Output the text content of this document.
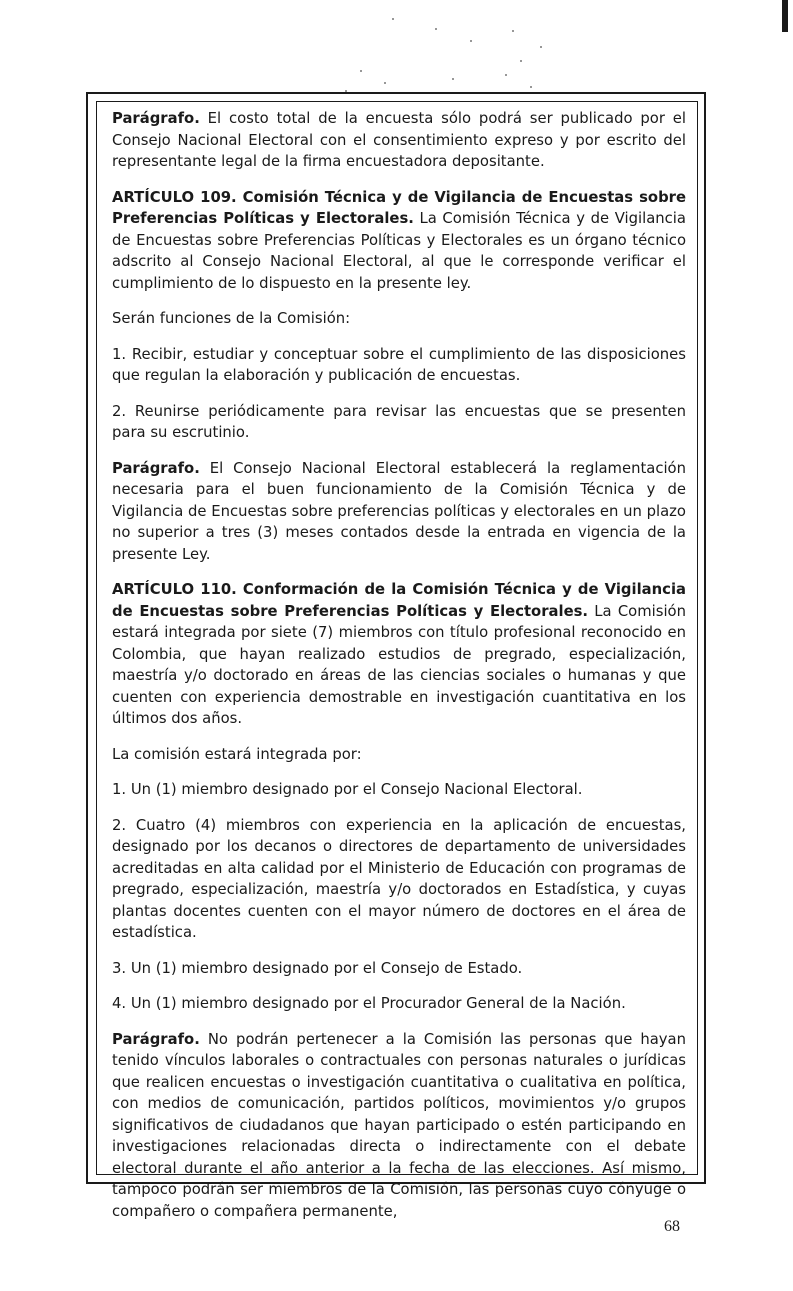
Parágrafo. El costo total de la encuesta sólo podrá ser publicado por el Consejo Nacional Electoral con el consentimiento expreso y por escrito del representante legal de la firma encuestadora depositante.

ARTÍCULO 109. Comisión Técnica y de Vigilancia de Encuestas sobre Preferencias Políticas y Electorales. La Comisión Técnica y de Vigilancia de Encuestas sobre Preferencias Políticas y Electorales es un órgano técnico adscrito al Consejo Nacional Electoral, al que le corresponde verificar el cumplimiento de lo dispuesto en la presente ley.

Serán funciones de la Comisión:

1. Recibir, estudiar y conceptuar sobre el cumplimiento de las disposiciones que regulan la elaboración y publicación de encuestas.

2. Reunirse periódicamente para revisar las encuestas que se presenten para su escrutinio.

Parágrafo. El Consejo Nacional Electoral establecerá la reglamentación necesaria para el buen funcionamiento de la Comisión Técnica y de Vigilancia de Encuestas sobre preferencias políticas y electorales en un plazo no superior a tres (3) meses contados desde la entrada en vigencia de la presente Ley.

ARTÍCULO 110. Conformación de la Comisión Técnica y de Vigilancia de Encuestas sobre Preferencias Políticas y Electorales. La Comisión estará integrada por siete (7) miembros con título profesional reconocido en Colombia, que hayan realizado estudios de pregrado, especialización, maestría y/o doctorado en áreas de las ciencias sociales o humanas y que cuenten con experiencia demostrable en investigación cuantitativa en los últimos dos años.

La comisión estará integrada por:

1. Un (1) miembro designado por el Consejo Nacional Electoral.

2. Cuatro (4) miembros con experiencia en la aplicación de encuestas, designado por los decanos o directores de departamento de universidades acreditadas en alta calidad por el Ministerio de Educación con programas de pregrado, especialización, maestría y/o doctorados en Estadística, y cuyas plantas docentes cuenten con el mayor número de doctores en el área de estadística.

3. Un (1) miembro designado por el Consejo de Estado.

4. Un (1) miembro designado por el Procurador General de la Nación.

Parágrafo. No podrán pertenecer a la Comisión las personas que hayan tenido vínculos laborales o contractuales con personas naturales o jurídicas que realicen encuestas o investigación cuantitativa o cualitativa en política, con medios de comunicación, partidos políticos, movimientos y/o grupos significativos de ciudadanos que hayan participado o estén participando en investigaciones relacionadas directa o indirectamente con el debate electoral durante el año anterior a la fecha de las elecciones. Así mismo, tampoco podrán ser miembros de la Comisión, las personas cuyo cónyuge o compañero o compañera permanente,

68
